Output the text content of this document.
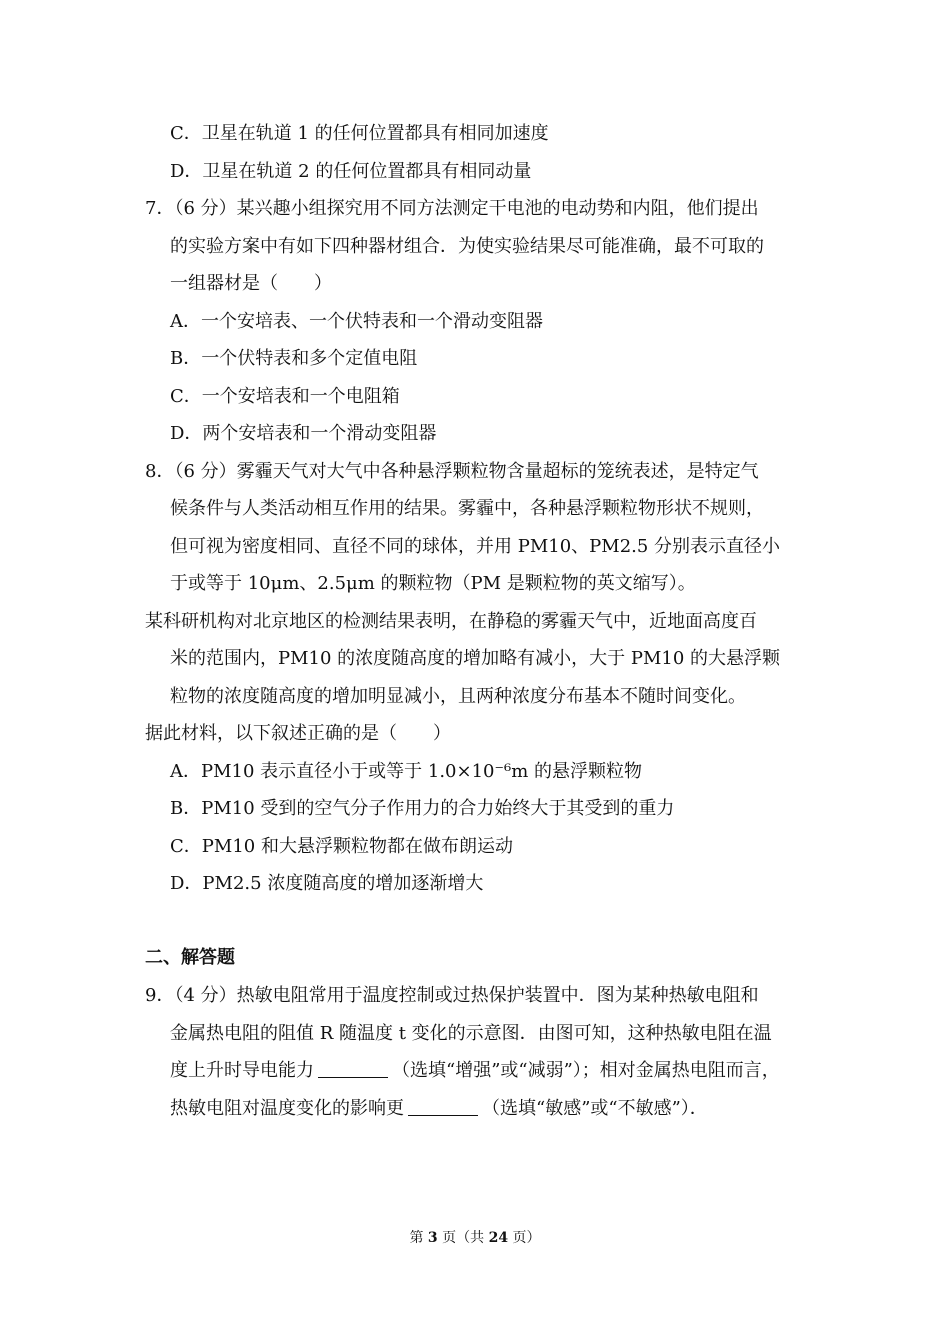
C．卫星在轨道 1 的任何位置都具有相同加速度
D．卫星在轨道 2 的任何位置都具有相同动量
7．（6 分）某兴趣小组探究用不同方法测定干电池的电动势和内阻，他们提出
的实验方案中有如下四种器材组合．为使实验结果尽可能准确，最不可取的
一组器材是（　　）
A．一个安培表、一个伏特表和一个滑动变阻器
B．一个伏特表和多个定值电阻
C．一个安培表和一个电阻箱
D．两个安培表和一个滑动变阻器
8．（6 分）雾霾天气对大气中各种悬浮颗粒物含量超标的笼统表述，是特定气
候条件与人类活动相互作用的结果。雾霾中，各种悬浮颗粒物形状不规则，
但可视为密度相同、直径不同的球体，并用 PM10、PM2.5 分别表示直径小
于或等于 10μm、2.5μm 的颗粒物（PM 是颗粒物的英文缩写）。
某科研机构对北京地区的检测结果表明，在静稳的雾霾天气中，近地面高度百
米的范围内，PM10 的浓度随高度的增加略有减小，大于 PM10 的大悬浮颗
粒物的浓度随高度的增加明显减小，且两种浓度分布基本不随时间变化。
据此材料，以下叙述正确的是（　　）
A．PM10 表示直径小于或等于 1.0×10⁻⁶m 的悬浮颗粒物
B．PM10 受到的空气分子作用力的合力始终大于其受到的重力
C．PM10 和大悬浮颗粒物都在做布朗运动
D．PM2.5 浓度随高度的增加逐渐增大
二、解答题
9．（4 分）热敏电阻常用于温度控制或过热保护装置中．图为某种热敏电阻和
金属热电阻的阻值 R 随温度 t 变化的示意图．由图可知，这种热敏电阻在温
度上升时导电能力	（选填“增强”或“减弱”）；相对金属热电阻而言，
热敏电阻对温度变化的影响更	（选填“敏感”或“不敏感”）．
第 3 页（共 24 页）
